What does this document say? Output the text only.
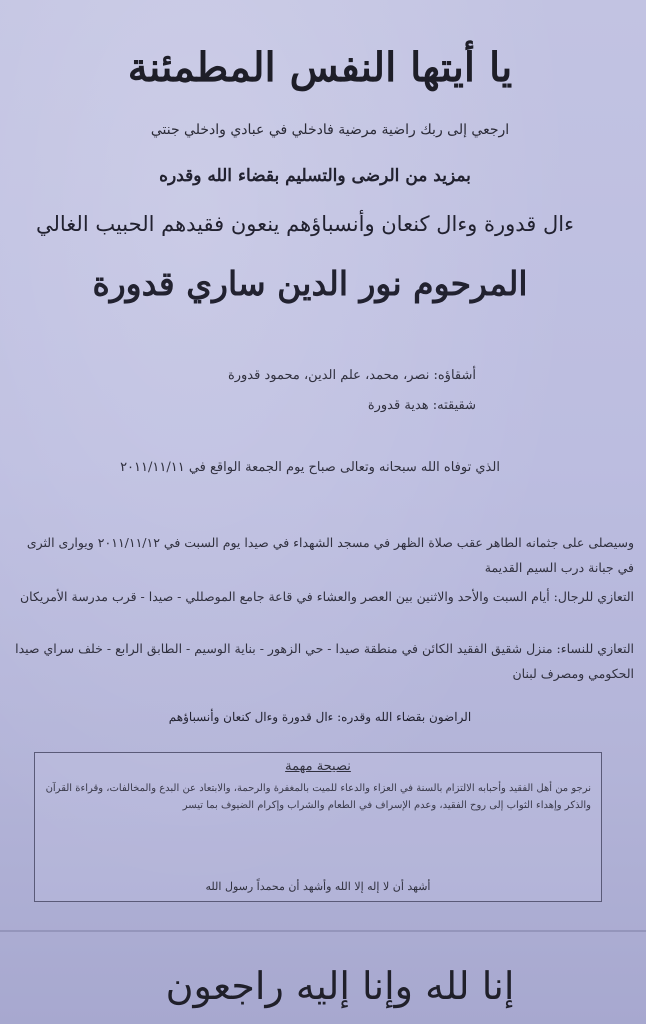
يا أيتها النفس المطمئنة
ارجعي إلى ربك راضية مرضية فادخلي في عبادي وادخلي جنتي
بمزيد من الرضى والتسليم بقضاء الله وقدره
ءال قدورة وءال كنعان وأنسباؤهم ينعون فقيدهم الحبيب الغالي
المرحوم نور الدين ساري قدورة
أشقاؤه: نصر، محمد، علم الدين، محمود قدورة
شقيقته: هدية قدورة
الذي توفاه الله سبحانه وتعالى صباح يوم الجمعة الواقع في ٢٠١١/١١/١١
وسيصلى على جثمانه الطاهر عقب صلاة الظهر في مسجد الشهداء في صيدا يوم السبت في ٢٠١١/١١/١٢ ويوارى الثرى في جبانة درب السيم القديمة
التعازي للرجال: أيام السبت والأحد والاثنين بين العصر والعشاء في قاعة جامع الموصللي - صيدا - قرب مدرسة الأمريكان
التعازي للنساء: منزل شقيق الفقيد الكائن في منطقة صيدا - حي الزهور - بناية الوسيم - الطابق الرابع - خلف سراي صيدا الحكومي ومصرف لبنان
الراضون بقضاء الله وقدره: ءال قدورة وءال كنعان وأنسباؤهم
نصيحة مهمة
نرجو من أهل الفقيد وأحبابه الالتزام بالسنة في العزاء والدعاء للميت بالمغفرة والرحمة، والابتعاد عن البدع والمخالفات، وقراءة القرآن والذكر وإهداء الثواب إلى روح الفقيد، وعدم الإسراف في الطعام والشراب وإكرام الضيوف بما تيسر
أشهد أن لا إله إلا الله وأشهد أن محمداً رسول الله
إنا لله وإنا إليه راجعون
